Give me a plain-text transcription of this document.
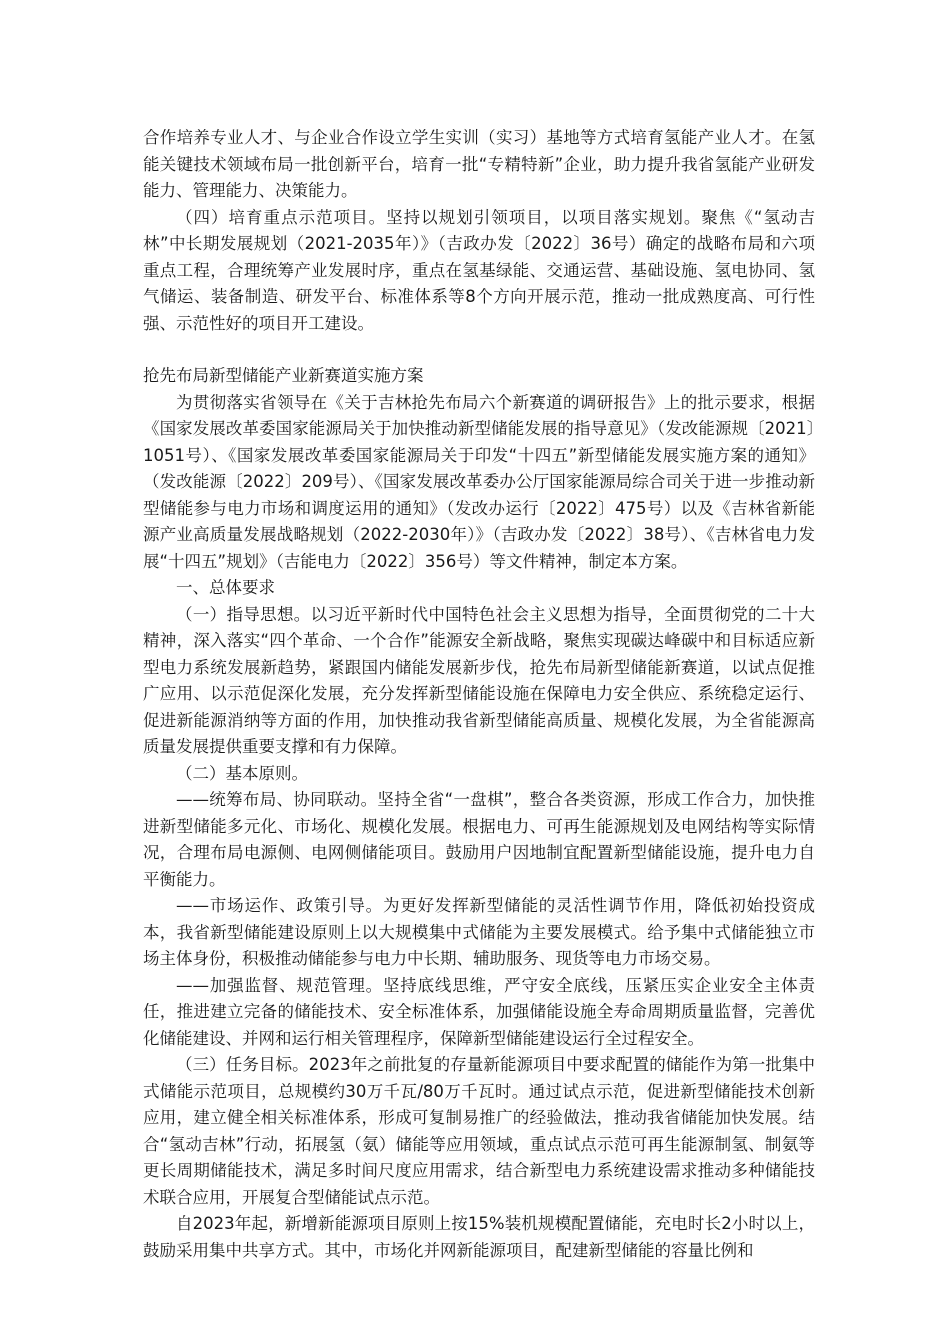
合作培养专业人才、与企业合作设立学生实训（实习）基地等方式培育氢能产业人才。在氢能关键技术领域布局一批创新平台，培育一批“专精特新”企业，助力提升我省氢能产业研发能力、管理能力、决策能力。

（四）培育重点示范项目。坚持以规划引领项目，以项目落实规划。聚焦《“氢动吉林”中长期发展规划（2021-2035年）》（吉政办发〔2022〕36号）确定的战略布局和六项重点工程，合理统筹产业发展时序，重点在氢基绿能、交通运营、基础设施、氢电协同、氢气储运、装备制造、研发平台、标准体系等8个方向开展示范，推动一批成熟度高、可行性强、示范性好的项目开工建设。

抢先布局新型储能产业新赛道实施方案

为贯彻落实省领导在《关于吉林抢先布局六个新赛道的调研报告》上的批示要求，根据《国家发展改革委国家能源局关于加快推动新型储能发展的指导意见》（发改能源规〔2021〕1051号）、《国家发展改革委国家能源局关于印发“十四五”新型储能发展实施方案的通知》（发改能源〔2022〕209号）、《国家发展改革委办公厅国家能源局综合司关于进一步推动新型储能参与电力市场和调度运用的通知》（发改办运行〔2022〕475号）以及《吉林省新能源产业高质量发展战略规划（2022-2030年）》（吉政办发〔2022〕38号）、《吉林省电力发展“十四五”规划》（吉能电力〔2022〕356号）等文件精神，制定本方案。

一、总体要求

（一）指导思想。以习近平新时代中国特色社会主义思想为指导，全面贯彻党的二十大精神，深入落实“四个革命、一个合作”能源安全新战略，聚焦实现碳达峰碳中和目标适应新型电力系统发展新趋势，紧跟国内储能发展新步伐，抢先布局新型储能新赛道，以试点促推广应用、以示范促深化发展，充分发挥新型储能设施在保障电力安全供应、系统稳定运行、促进新能源消纳等方面的作用，加快推动我省新型储能高质量、规模化发展，为全省能源高质量发展提供重要支撑和有力保障。

（二）基本原则。

——统筹布局、协同联动。坚持全省“一盘棋”，整合各类资源，形成工作合力，加快推进新型储能多元化、市场化、规模化发展。根据电力、可再生能源规划及电网结构等实际情况，合理布局电源侧、电网侧储能项目。鼓励用户因地制宜配置新型储能设施，提升电力自平衡能力。

——市场运作、政策引导。为更好发挥新型储能的灵活性调节作用，降低初始投资成本，我省新型储能建设原则上以大规模集中式储能为主要发展模式。给予集中式储能独立市场主体身份，积极推动储能参与电力中长期、辅助服务、现货等电力市场交易。

——加强监督、规范管理。坚持底线思维，严守安全底线，压紧压实企业安全主体责任，推进建立完备的储能技术、安全标准体系，加强储能设施全寿命周期质量监督，完善优化储能建设、并网和运行相关管理程序，保障新型储能建设运行全过程安全。

（三）任务目标。2023年之前批复的存量新能源项目中要求配置的储能作为第一批集中式储能示范项目，总规模约30万千瓦/80万千瓦时。通过试点示范，促进新型储能技术创新应用，建立健全相关标准体系，形成可复制易推广的经验做法，推动我省储能加快发展。结合“氢动吉林”行动，拓展氢（氨）储能等应用领域，重点试点示范可再生能源制氢、制氨等更长周期储能技术，满足多时间尺度应用需求，结合新型电力系统建设需求推动多种储能技术联合应用，开展复合型储能试点示范。

自2023年起，新增新能源项目原则上按15%装机规模配置储能，充电时长2小时以上，鼓励采用集中共享方式。其中，市场化并网新能源项目，配建新型储能的容量比例和
